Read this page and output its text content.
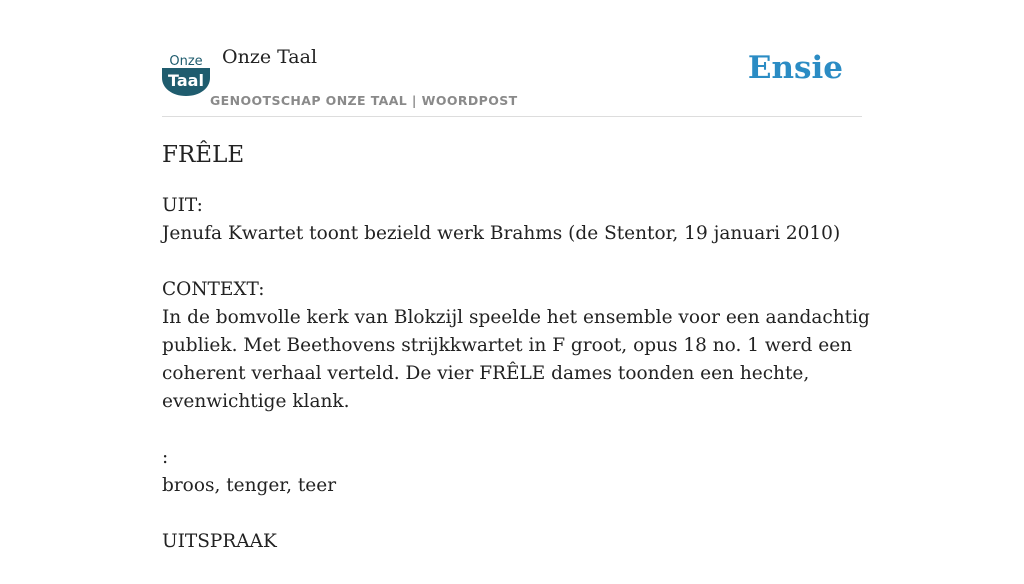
Onze
Taal
Onze Taal
GENOOTSCHAP ONZE TAAL | WOORDPOST
Ensie
FRÊLE

UIT:

Jenufa Kwartet toont bezield werk Brahms (de Stentor, 19 januari 2010)

CONTEXT:

In de bomvolle kerk van Blokzijl speelde het ensemble voor een aandachtig publiek. Met Beethovens strijkkwartet in F groot, opus 18 no. 1 werd een coherent verhaal verteld. De vier FRÊLE dames toonden een hechte, evenwichtige klank.

:

broos, tenger, teer

UITSPRAAK
